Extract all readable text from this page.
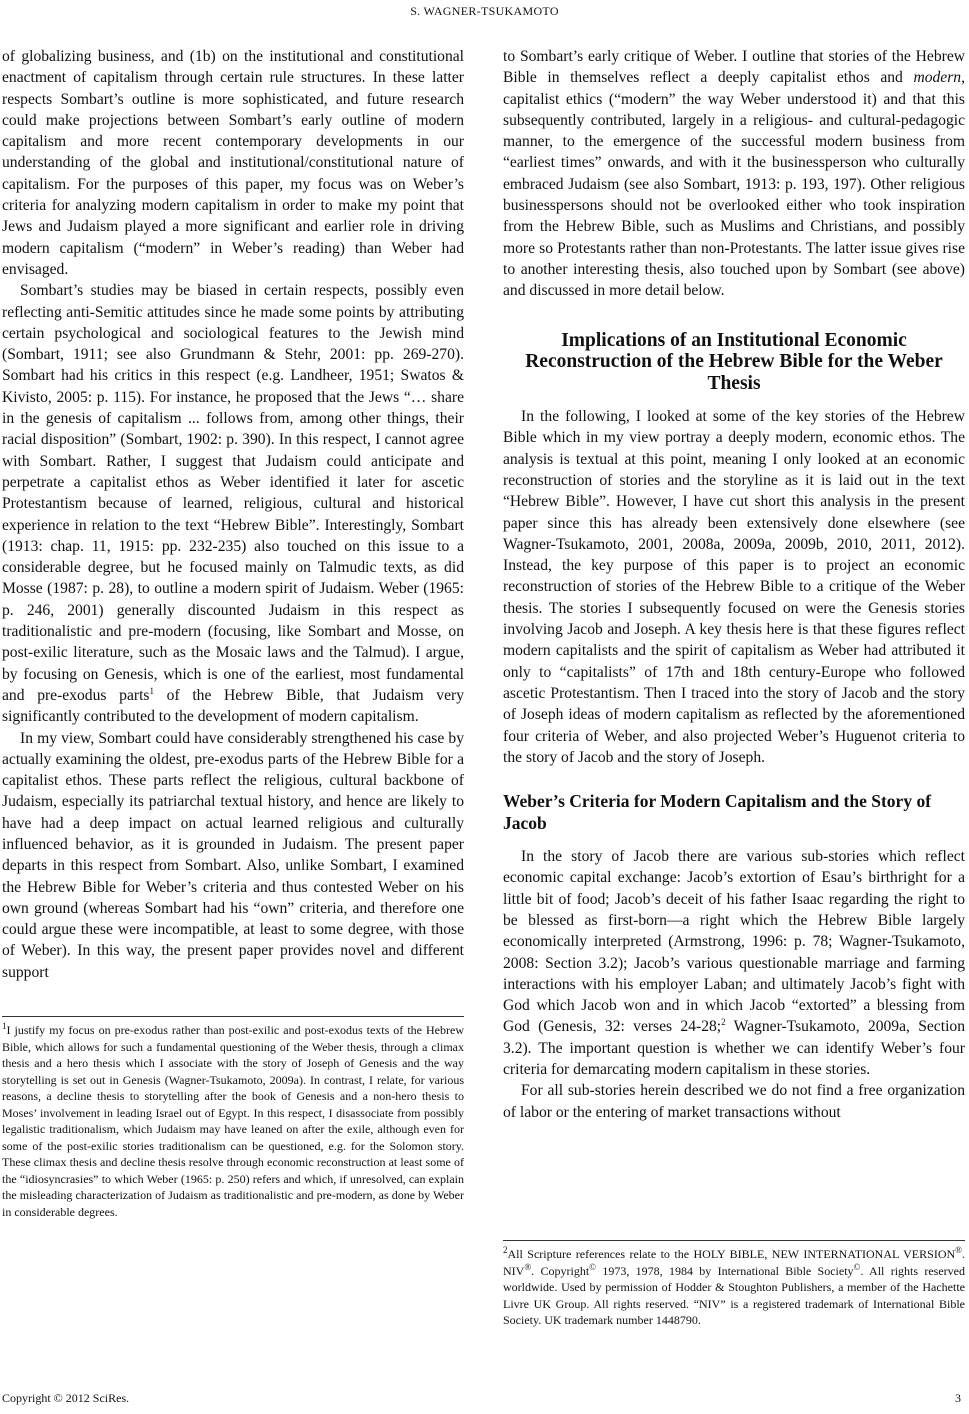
S. WAGNER-TSUKAMOTO

of globalizing business, and (1b) on the institutional and constitutional enactment of capitalism through certain rule structures. In these latter respects Sombart’s outline is more sophisticated, and future research could make projections between Sombart’s early outline of modern capitalism and more recent contemporary developments in our understanding of the global and institutional/constitutional nature of capitalism. For the purposes of this paper, my focus was on Weber’s criteria for analyzing modern capitalism in order to make my point that Jews and Judaism played a more significant and earlier role in driving modern capitalism (“modern” in Weber’s reading) than Weber had envisaged.

Sombart’s studies may be biased in certain respects, possibly even reflecting anti-Semitic attitudes since he made some points by attributing certain psychological and sociological features to the Jewish mind (Sombart, 1911; see also Grundmann & Stehr, 2001: pp. 269-270). Sombart had his critics in this respect (e.g. Landheer, 1951; Swatos & Kivisto, 2005: p. 115). For instance, he proposed that the Jews “… share in the genesis of capitalism ... follows from, among other things, their racial disposition” (Sombart, 1902: p. 390). In this respect, I cannot agree with Sombart. Rather, I suggest that Judaism could anticipate and perpetrate a capitalist ethos as Weber identified it later for ascetic Protestantism because of learned, religious, cultural and historical experience in relation to the text “Hebrew Bible”. Interestingly, Sombart (1913: chap. 11, 1915: pp. 232-235) also touched on this issue to a considerable degree, but he focused mainly on Talmudic texts, as did Mosse (1987: p. 28), to outline a modern spirit of Judaism. Weber (1965: p. 246, 2001) generally discounted Judaism in this respect as traditionalistic and pre-modern (focusing, like Sombart and Mosse, on post-exilic literature, such as the Mosaic laws and the Talmud). I argue, by focusing on Genesis, which is one of the earliest, most fundamental and pre-exodus parts$^1$ of the Hebrew Bible, that Judaism very significantly contributed to the development of modern capitalism.

In my view, Sombart could have considerably strengthened his case by actually examining the oldest, pre-exodus parts of the Hebrew Bible for a capitalist ethos. These parts reflect the religious, cultural backbone of Judaism, especially its patriarchal textual history, and hence are likely to have had a deep impact on actual learned religious and culturally influenced behavior, as it is grounded in Judaism. The present paper departs in this respect from Sombart. Also, unlike Sombart, I examined the Hebrew Bible for Weber’s criteria and thus contested Weber on his own ground (whereas Sombart had his “own” criteria, and therefore one could argue these were incompatible, at least to some degree, with those of Weber). In this way, the present paper provides novel and different support

$^1$I justify my focus on pre-exodus rather than post-exilic and post-exodus texts of the Hebrew Bible, which allows for such a fundamental questioning of the Weber thesis, through a climax thesis and a hero thesis which I associate with the story of Joseph of Genesis and the way storytelling is set out in Genesis (Wagner-Tsukamoto, 2009a). In contrast, I relate, for various reasons, a decline thesis to storytelling after the book of Genesis and a non-hero thesis to Moses’ involvement in leading Israel out of Egypt. In this respect, I disassociate from possibly legalistic traditionalism, which Judaism may have leaned on after the exile, although even for some of the post-exilic stories traditionalism can be questioned, e.g. for the Solomon story. These climax thesis and decline thesis resolve through economic reconstruction at least some of the “idiosyncrasies” to which Weber (1965: p. 250) refers and which, if unresolved, can explain the misleading characterization of Judaism as traditionalistic and pre-modern, as done by Weber in considerable degrees.

to Sombart’s early critique of Weber. I outline that stories of the Hebrew Bible in themselves reflect a deeply capitalist ethos and modern, capitalist ethics (“modern” the way Weber understood it) and that this subsequently contributed, largely in a religious- and cultural-pedagogic manner, to the emergence of the successful modern business from “earliest times” onwards, and with it the businessperson who culturally embraced Judaism (see also Sombart, 1913: p. 193, 197). Other religious businesspersons should not be overlooked either who took inspiration from the Hebrew Bible, such as Muslims and Christians, and possibly more so Protestants rather than non-Protestants. The latter issue gives rise to another interesting thesis, also touched upon by Sombart (see above) and discussed in more detail below.

Implications of an Institutional Economic Reconstruction of the Hebrew Bible for the Weber Thesis

In the following, I looked at some of the key stories of the Hebrew Bible which in my view portray a deeply modern, economic ethos. The analysis is textual at this point, meaning I only looked at an economic reconstruction of stories and the storyline as it is laid out in the text “Hebrew Bible”. However, I have cut short this analysis in the present paper since this has already been extensively done elsewhere (see Wagner-Tsukamoto, 2001, 2008a, 2009a, 2009b, 2010, 2011, 2012). Instead, the key purpose of this paper is to project an economic reconstruction of stories of the Hebrew Bible to a critique of the Weber thesis. The stories I subsequently focused on were the Genesis stories involving Jacob and Joseph. A key thesis here is that these figures reflect modern capitalists and the spirit of capitalism as Weber had attributed it only to “capitalists” of 17th and 18th century-Europe who followed ascetic Protestantism. Then I traced into the story of Jacob and the story of Joseph ideas of modern capitalism as reflected by the aforementioned four criteria of Weber, and also projected Weber’s Huguenot criteria to the story of Jacob and the story of Joseph.

Weber’s Criteria for Modern Capitalism and the Story of Jacob

In the story of Jacob there are various sub-stories which reflect economic capital exchange: Jacob’s extortion of Esau’s birthright for a little bit of food; Jacob’s deceit of his father Isaac regarding the right to be blessed as first-born—a right which the Hebrew Bible largely economically interpreted (Armstrong, 1996: p. 78; Wagner-Tsukamoto, 2008: Section 3.2); Jacob’s various questionable marriage and farming interactions with his employer Laban; and ultimately Jacob’s fight with God which Jacob won and in which Jacob “extorted” a blessing from God (Genesis, 32: verses 24-28;$^2$ Wagner-Tsukamoto, 2009a, Section 3.2). The important question is whether we can identify Weber’s four criteria for demarcating modern capitalism in these stories.

For all sub-stories herein described we do not find a free organization of labor or the entering of market transactions without

$^2$All Scripture references relate to the HOLY BIBLE, NEW INTERNATIONAL VERSION®. NIV®. Copyright© 1973, 1978, 1984 by International Bible Society©. All rights reserved worldwide. Used by permission of Hodder & Stoughton Publishers, a member of the Hachette Livre UK Group. All rights reserved. “NIV” is a registered trademark of International Bible Society. UK trademark number 1448790.

Copyright © 2012 SciRes.	3
